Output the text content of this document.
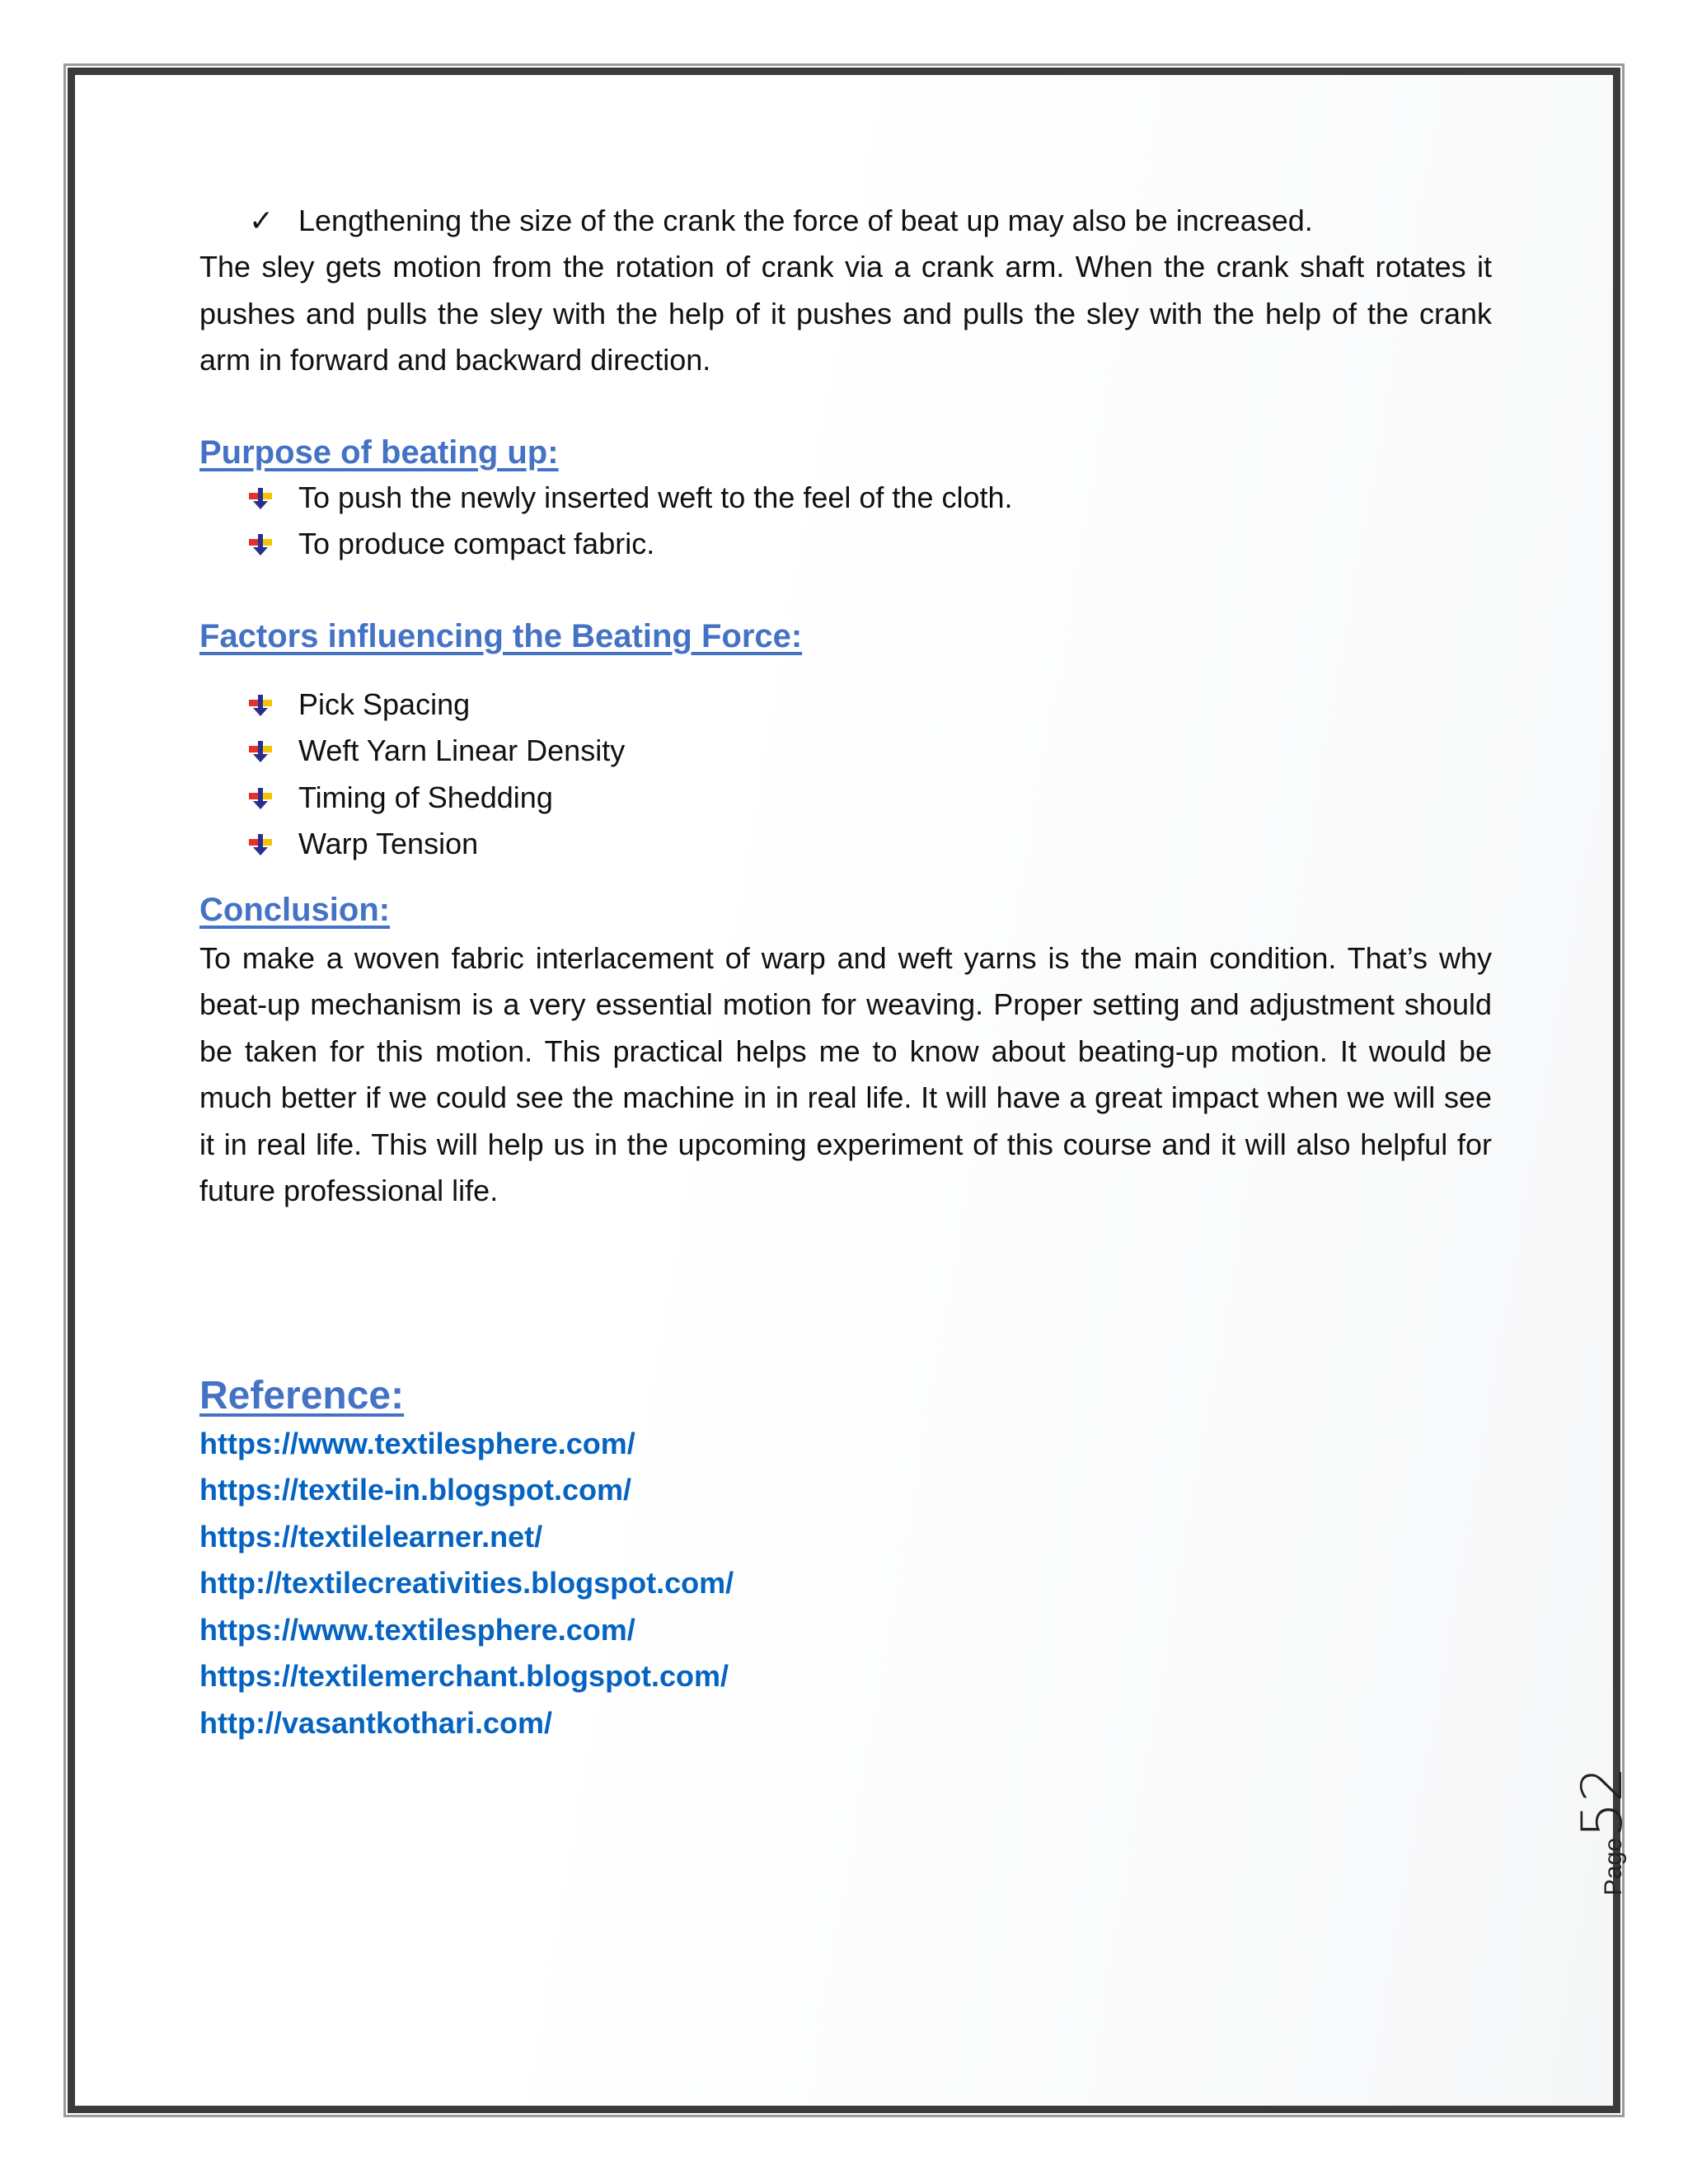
✓ Lengthening the size of the crank the force of beat up may also be increased.

The sley gets motion from the rotation of crank via a crank arm. When the crank shaft rotates it pushes and pulls the sley with the help of it pushes and pulls the sley with the help of the crank arm in forward and backward direction.

Purpose of beating up:
To push the newly inserted weft to the feel of the cloth.
To produce compact fabric.
Factors influencing the Beating Force:
Pick Spacing
Weft Yarn Linear Density
Timing of Shedding
Warp Tension
Conclusion:

To make a woven fabric interlacement of warp and weft yarns is the main condition. That’s why beat-up mechanism is a very essential motion for weaving. Proper setting and adjustment should be taken for this motion. This practical helps me to know about beating-up motion. It would be much better if we could see the machine in in real life. It will have a great impact when we will see it in real life. This will help us in the upcoming experiment of this course and it will also helpful for future professional life.

Reference:
https://www.textilesphere.com/
https://textile-in.blogspot.com/
https://textilelearner.net/
http://textilecreativities.blogspot.com/
https://www.textilesphere.com/
https://textilemerchant.blogspot.com/
http://vasantkothari.com/
Page52
